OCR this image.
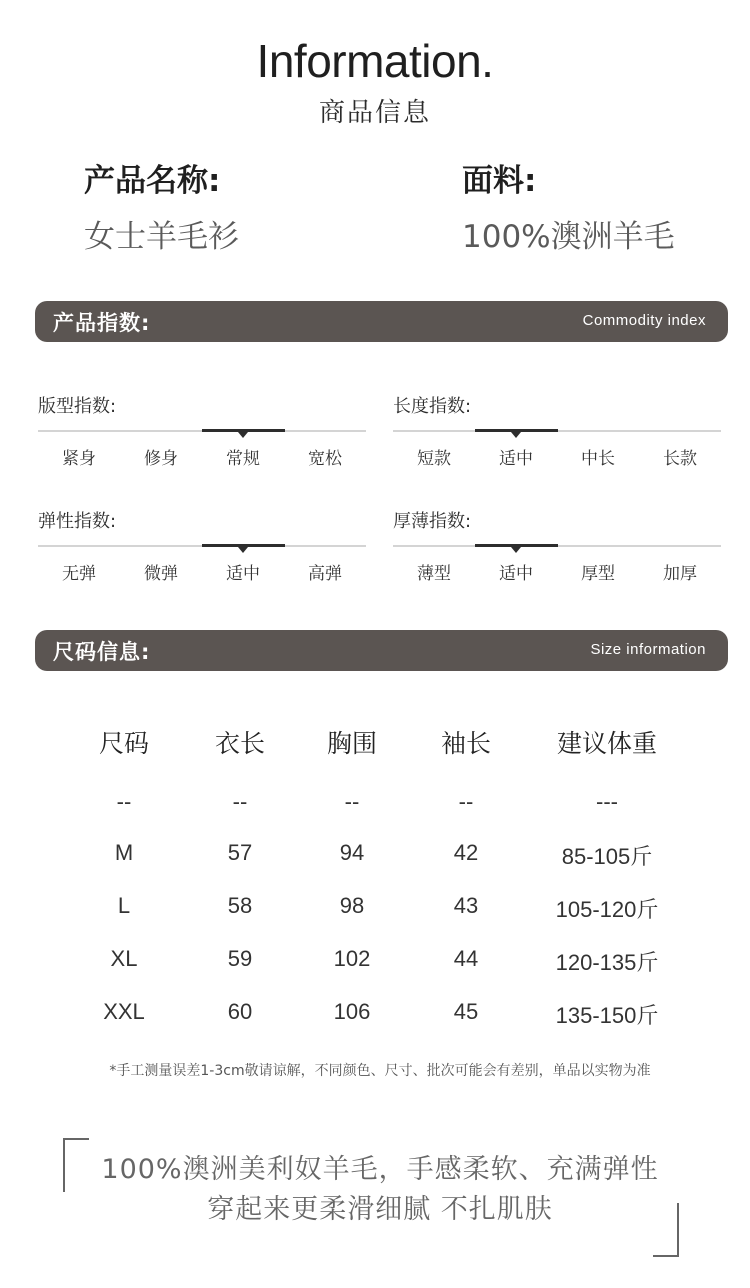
Information.
商品信息
产品名称:
女士羊毛衫
面料:
100%澳洲羊毛
产品指数:	Commodity index
版型指数:
紧身	修身	常规	宽松
长度指数:
短款	适中	中长	长款
弹性指数:
无弹	微弹	适中	高弹
厚薄指数:
薄型	适中	厚型	加厚
尺码信息:	Size information
尺码	衣长	胸围	袖长	建议体重
--	--	--	--	---
M	57	94	42	85-105斤
L	58	98	43	105-120斤
XL	59	102	44	120-135斤
XXL	60	106	45	135-150斤
*手工测量误差1-3cm敬请谅解，不同颜色、尺寸、批次可能会有差别，单品以实物为准
100%澳洲美利奴羊毛，手感柔软、充满弹性
穿起来更柔滑细腻 不扎肌肤
